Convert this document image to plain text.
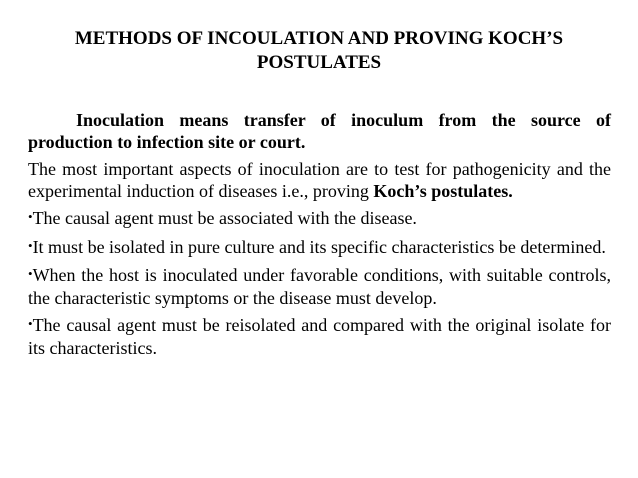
METHODS OF INCOULATION AND PROVING KOCH’S
POSTULATES

Inoculation means transfer of inoculum from the source of production to infection site or court.

The most important aspects of inoculation are to test for pathogenicity and the experimental induction of diseases i.e., proving Koch’s postulates.

•The causal agent must be associated with the disease.

•It must be isolated in pure culture and its specific characteristics be determined.

•When the host is inoculated under favorable conditions, with suitable controls, the characteristic symptoms or the disease must develop.

•The causal agent must be reisolated and compared with the original isolate for its characteristics.
